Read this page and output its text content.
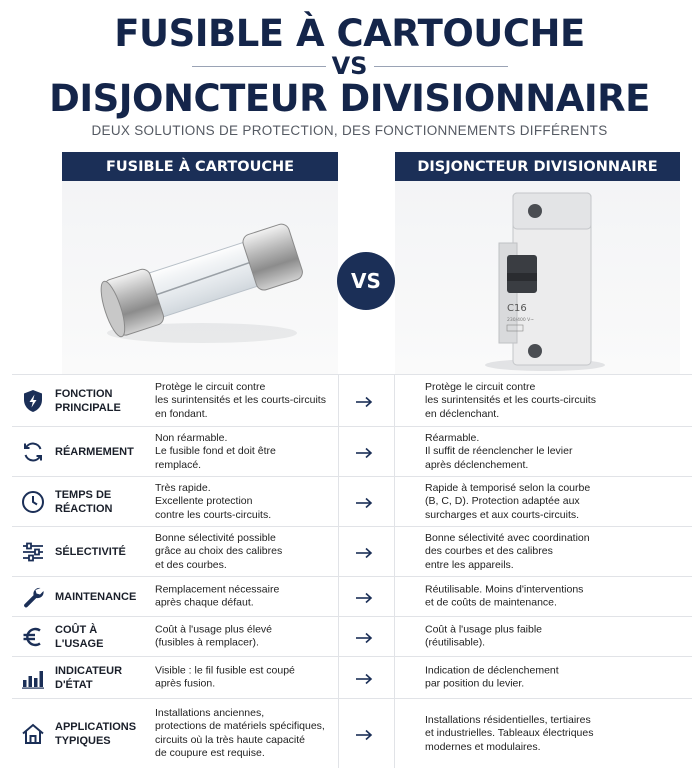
FUSIBLE À CARTOUCHE
VS
DISJONCTEUR DIVISIONNAIRE
DEUX SOLUTIONS DE PROTECTION, DES FONCTIONNEMENTS DIFFÉRENTS
FUSIBLE À CARTOUCHE	DISJONCTEUR DIVISIONNAIRE
C16
230/400 V~
VS
FONCTION
PRINCIPALE
Protège le circuit contre
les surintensités et les courts-circuits
en fondant.
Protège le circuit contre
les surintensités et les courts-circuits
en déclenchant.
RÉARMEMENT
Non réarmable.
Le fusible fond et doit être
remplacé.
Réarmable.
Il suffit de réenclencher le levier
après déclenchement.
TEMPS DE
RÉACTION
Très rapide.
Excellente protection
contre les courts-circuits.
Rapide à temporisé selon la courbe
(B, C, D). Protection adaptée aux
surcharges et aux courts-circuits.
SÉLECTIVITÉ
Bonne sélectivité possible
grâce au choix des calibres
et des courbes.
Bonne sélectivité avec coordination
des courbes et des calibres
entre les appareils.
MAINTENANCE
Remplacement nécessaire
après chaque défaut.
Réutilisable. Moins d'interventions
et de coûts de maintenance.
COÛT À
L'USAGE
Coût à l'usage plus élevé
(fusibles à remplacer).
Coût à l'usage plus faible
(réutilisable).
INDICATEUR
D'ÉTAT
Visible : le fil fusible est coupé
après fusion.
Indication de déclenchement
par position du levier.
APPLICATIONS
TYPIQUES
Installations anciennes,
protections de matériels spécifiques,
circuits où la très haute capacité
de coupure est requise.
Installations résidentielles, tertiaires
et industrielles. Tableaux électriques
modernes et modulaires.
